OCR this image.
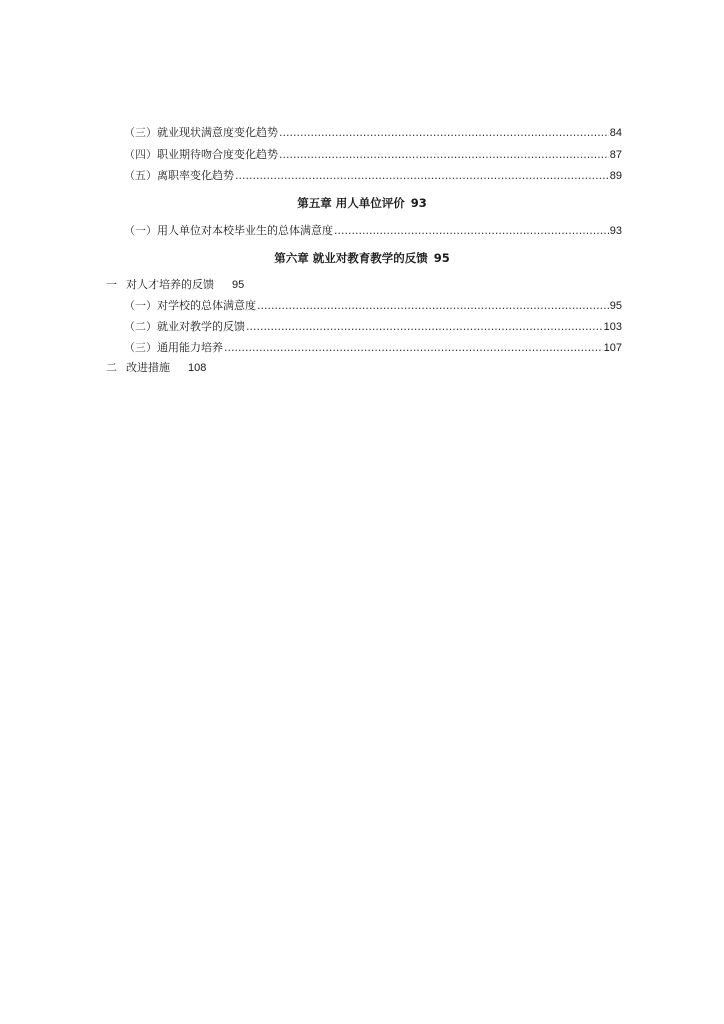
（三） 就业现状满意度变化趋势 .....	84
（四） 职业期待吻合度变化趋势 .....	87
（五） 离职率变化趋势 .....	89
第五章 用人单位评价 93
（一） 用人单位对本校毕业生的总体满意度 .....	93
第六章 就业对教育教学的反馈 95
一 对人才培养的反馈 95
（一） 对学校的总体满意度 .....	95
（二） 就业对教学的反馈 .....	103
（三） 通用能力培养 .....	107
二 改进措施 108
